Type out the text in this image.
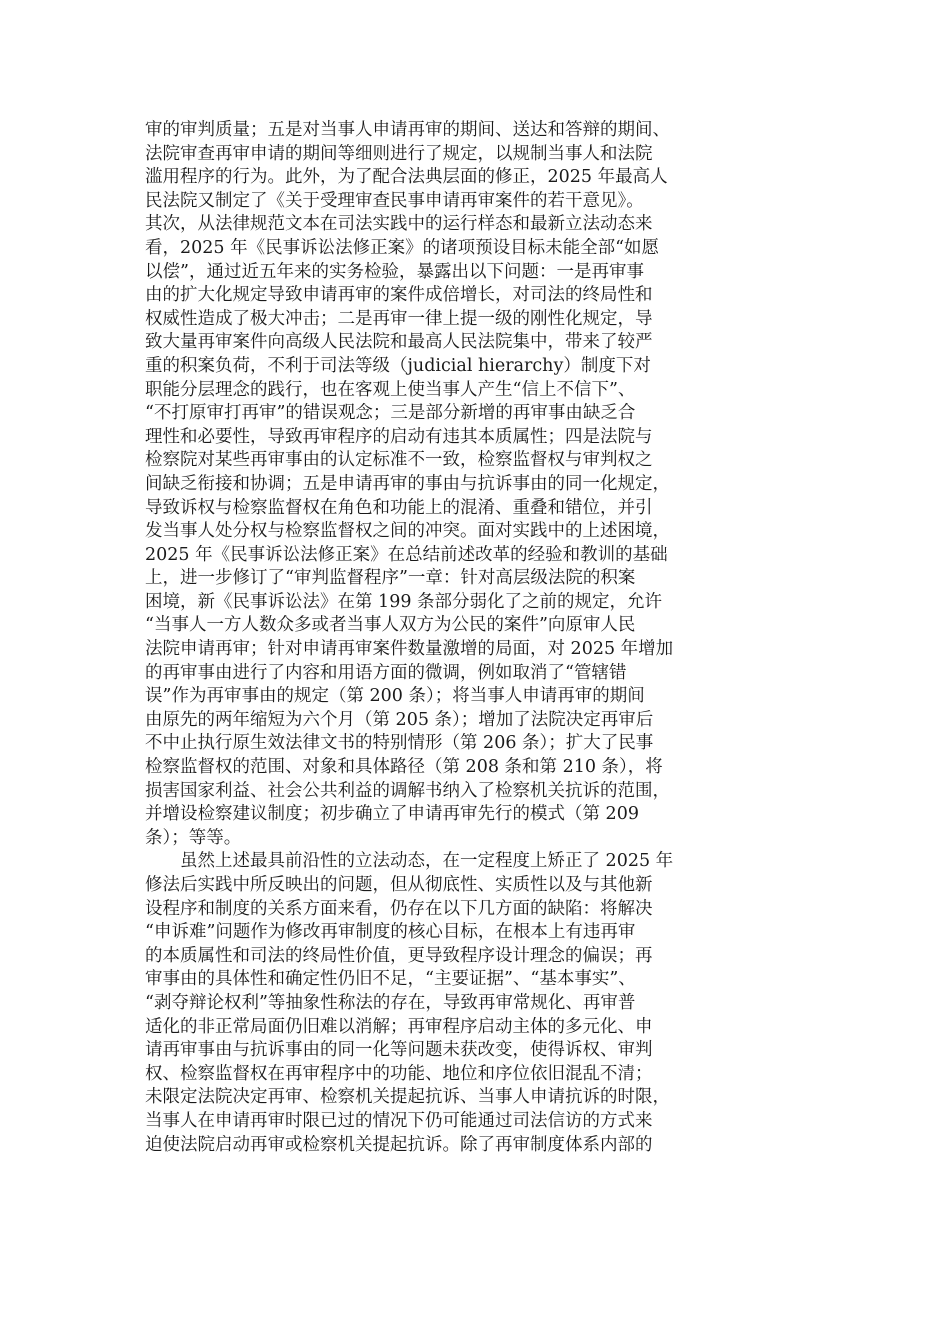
审的审判质量；五是对当事人申请再审的期间、送达和答辩的期间、
法院审查再审申请的期间等细则进行了规定，以规制当事人和法院
滥用程序的行为。此外，为了配合法典层面的修正，2025 年最高人
民法院又制定了《关于受理审查民事申请再审案件的若干意见》。
其次，从法律规范文本在司法实践中的运行样态和最新立法动态来
看，2025 年《民事诉讼法修正案》的诸项预设目标未能全部“如愿
以偿”，通过近五年来的实务检验，暴露出以下问题：一是再审事
由的扩大化规定导致申请再审的案件成倍增长，对司法的终局性和
权威性造成了极大冲击；二是再审一律上提一级的刚性化规定，导
致大量再审案件向高级人民法院和最高人民法院集中，带来了较严
重的积案负荷，不利于司法等级（judicial hierarchy）制度下对
职能分层理念的践行，也在客观上使当事人产生“信上不信下”、
“不打原审打再审”的错误观念；三是部分新增的再审事由缺乏合
理性和必要性，导致再审程序的启动有违其本质属性；四是法院与
检察院对某些再审事由的认定标准不一致，检察监督权与审判权之
间缺乏衔接和协调；五是申请再审的事由与抗诉事由的同一化规定，
导致诉权与检察监督权在角色和功能上的混淆、重叠和错位，并引
发当事人处分权与检察监督权之间的冲突。面对实践中的上述困境，
2025 年《民事诉讼法修正案》在总结前述改革的经验和教训的基础
上，进一步修订了“审判监督程序”一章：针对高层级法院的积案
困境，新《民事诉讼法》在第 199 条部分弱化了之前的规定，允许
“当事人一方人数众多或者当事人双方为公民的案件”向原审人民
法院申请再审；针对申请再审案件数量激增的局面，对 2025 年增加
的再审事由进行了内容和用语方面的微调，例如取消了“管辖错
误”作为再审事由的规定（第 200 条）；将当事人申请再审的期间
由原先的两年缩短为六个月（第 205 条）；增加了法院决定再审后
不中止执行原生效法律文书的特别情形（第 206 条）；扩大了民事
检察监督权的范围、对象和具体路径（第 208 条和第 210 条），将
损害国家利益、社会公共利益的调解书纳入了检察机关抗诉的范围，
并增设检察建议制度；初步确立了申请再审先行的模式（第 209
条）；等等。
　　虽然上述最具前沿性的立法动态，在一定程度上矫正了 2025 年
修法后实践中所反映出的问题，但从彻底性、实质性以及与其他新
设程序和制度的关系方面来看，仍存在以下几方面的缺陷：将解决
“申诉难”问题作为修改再审制度的核心目标，在根本上有违再审
的本质属性和司法的终局性价值，更导致程序设计理念的偏误；再
审事由的具体性和确定性仍旧不足，“主要证据”、“基本事实”、
“剥夺辩论权利”等抽象性称法的存在，导致再审常规化、再审普
适化的非正常局面仍旧难以消解；再审程序启动主体的多元化、申
请再审事由与抗诉事由的同一化等问题未获改变，使得诉权、审判
权、检察监督权在再审程序中的功能、地位和序位依旧混乱不清；
未限定法院决定再审、检察机关提起抗诉、当事人申请抗诉的时限，
当事人在申请再审时限已过的情况下仍可能通过司法信访的方式来
迫使法院启动再审或检察机关提起抗诉。除了再审制度体系内部的
